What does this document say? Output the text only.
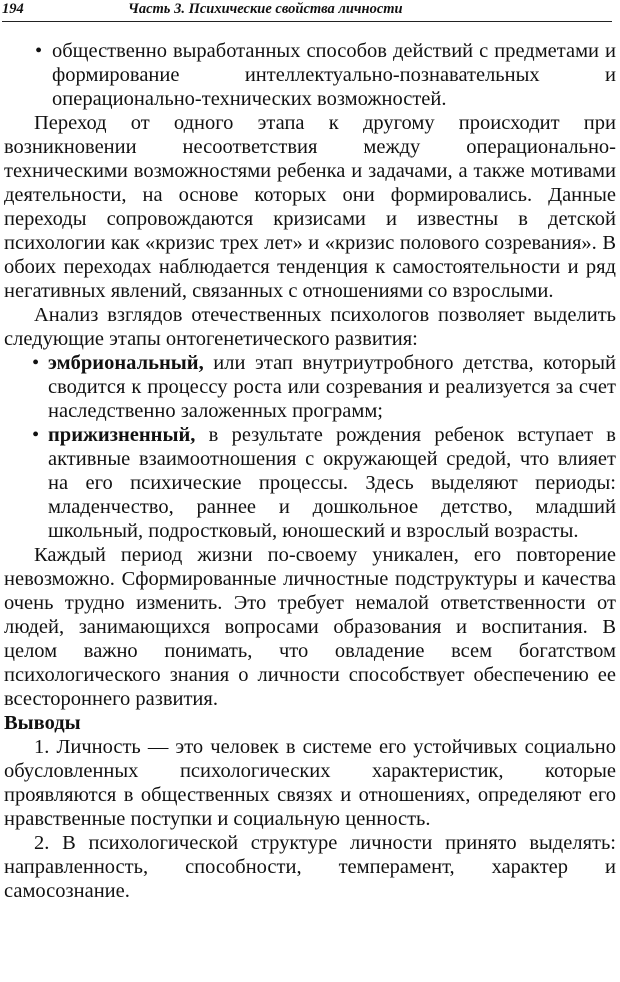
194	Часть 3. Психические свойства личности

• общественно выработанных способов действий с предметами и формирование интеллектуально-познавательных и операционально-технических возможностей.

Переход от одного этапа к другому происходит при возникновении несоответствия между операционально-техническими возможностями ребенка и задачами, а также мотивами деятельности, на основе которых они формировались. Данные переходы сопровождаются кризисами и известны в детской психологии как «кризис трех лет» и «кризис полового созревания». В обоих переходах наблюдается тенденция к самостоятельности и ряд негативных явлений, связанных с отношениями со взрослыми.

Анализ взглядов отечественных психологов позволяет выделить следующие этапы онтогенетического развития:

• эмбриональный, или этап внутриутробного детства, который сводится к процессу роста или созревания и реализуется за счет наследственно заложенных программ;

• прижизненный, в результате рождения ребенок вступает в активные взаимоотношения с окружающей средой, что влияет на его психические процессы. Здесь выделяют периоды: младенчество, раннее и дошкольное детство, младший школьный, подростковый, юношеский и взрослый возрасты.

Каждый период жизни по-своему уникален, его повторение невозможно. Сформированные личностные подструктуры и качества очень трудно изменить. Это требует немалой ответственности от людей, занимающихся вопросами образования и воспитания. В целом важно понимать, что овладение всем богатством психологического знания о личности способствует обеспечению ее всестороннего развития.

Выводы

1. Личность — это человек в системе его устойчивых социально обусловленных психологических характеристик, которые проявляются в общественных связях и отношениях, определяют его нравственные поступки и социальную ценность.

2. В психологической структуре личности принято выделять: направленность, способности, темперамент, характер и самосознание.
